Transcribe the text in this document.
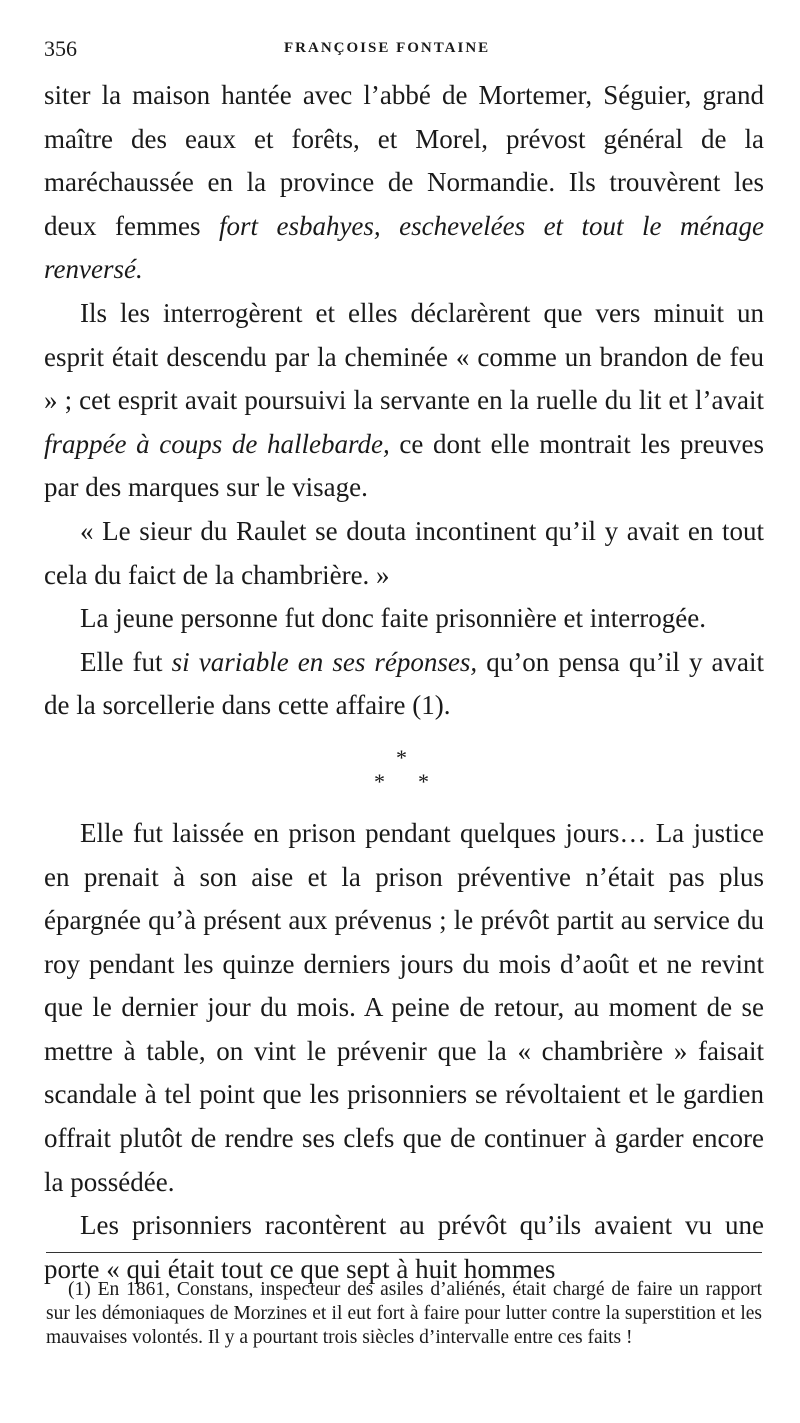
356	FRANÇOISE FONTAINE

siter la maison hantée avec l’abbé de Mortemer, Séguier, grand maître des eaux et forêts, et Morel, prévost général de la maréchaussée en la province de Normandie. Ils trouvèrent les deux femmes fort esbahyes, eschevelées et tout le ménage renversé.

Ils les interrogèrent et elles déclarèrent que vers minuit un esprit était descendu par la cheminée « comme un brandon de feu » ; cet esprit avait poursuivi la servante en la ruelle du lit et l’avait frappée à coups de hallebarde, ce dont elle montrait les preuves par des marques sur le visage.

« Le sieur du Raulet se douta incontinent qu’il y avait en tout cela du faict de la chambrière. »

La jeune personne fut donc faite prisonnière et interrogée.

Elle fut si variable en ses réponses, qu’on pensa qu’il y avait de la sorcellerie dans cette affaire (1).

*
* *

Elle fut laissée en prison pendant quelques jours… La justice en prenait à son aise et la prison préventive n’était pas plus épargnée qu’à présent aux prévenus ; le prévôt partit au service du roy pendant les quinze derniers jours du mois d’août et ne revint que le dernier jour du mois. A peine de retour, au moment de se mettre à table, on vint le prévenir que la « chambrière » faisait scandale à tel point que les prisonniers se révoltaient et le gardien offrait plutôt de rendre ses clefs que de continuer à garder encore la possédée.

Les prisonniers racontèrent au prévôt qu’ils avaient vu une porte « qui était tout ce que sept à huit hommes

(1) En 1861, Constans, inspecteur des asiles d’aliénés, était chargé de faire un rapport sur les démoniaques de Morzines et il eut fort à faire pour lutter contre la superstition et les mauvaises volontés. Il y a pourtant trois siècles d’intervalle entre ces faits !
